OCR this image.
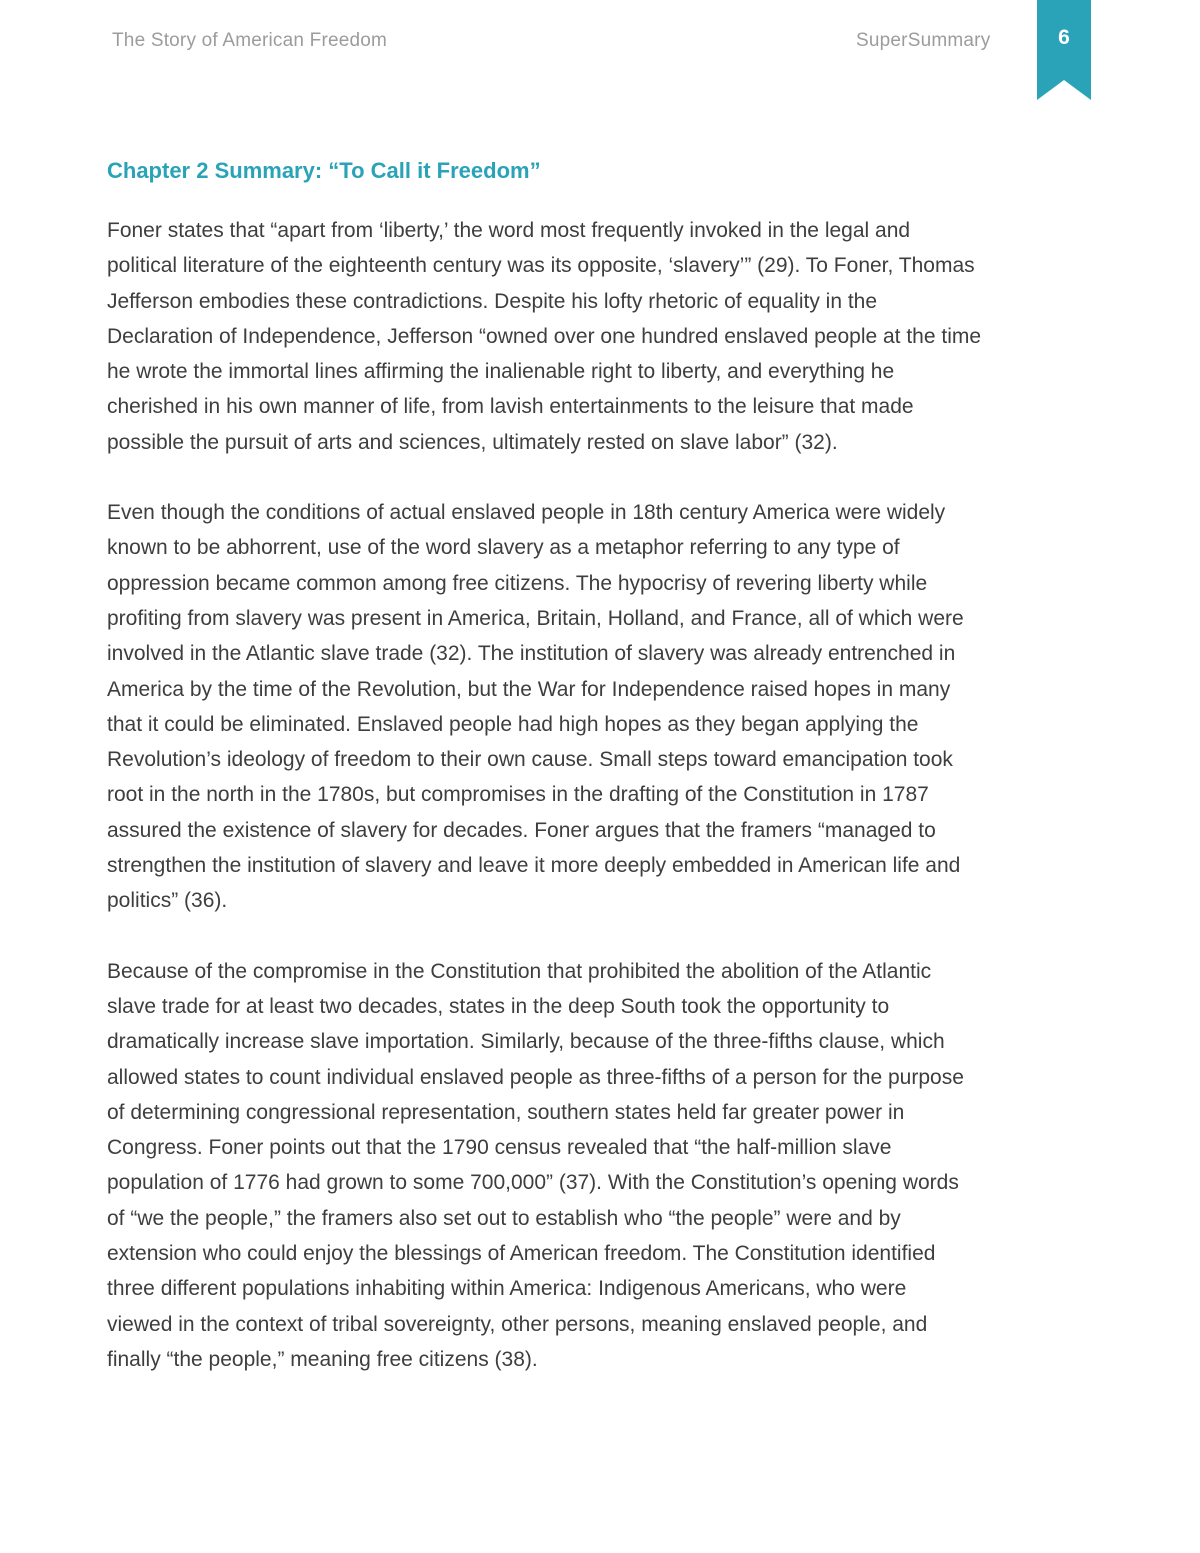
The Story of American Freedom	SuperSummary	6
Chapter 2 Summary: “To Call it Freedom”

Foner states that “apart from ‘liberty,’ the word most frequently invoked in the legal and
political literature of the eighteenth century was its opposite, ‘slavery’” (29). To Foner, Thomas
Jefferson embodies these contradictions. Despite his lofty rhetoric of equality in the
Declaration of Independence, Jefferson “owned over one hundred enslaved people at the time
he wrote the immortal lines affirming the inalienable right to liberty, and everything he
cherished in his own manner of life, from lavish entertainments to the leisure that made
possible the pursuit of arts and sciences, ultimately rested on slave labor” (32).

Even though the conditions of actual enslaved people in 18th century America were widely
known to be abhorrent, use of the word slavery as a metaphor referring to any type of
oppression became common among free citizens. The hypocrisy of revering liberty while
profiting from slavery was present in America, Britain, Holland, and France, all of which were
involved in the Atlantic slave trade (32). The institution of slavery was already entrenched in
America by the time of the Revolution, but the War for Independence raised hopes in many
that it could be eliminated. Enslaved people had high hopes as they began applying the
Revolution’s ideology of freedom to their own cause. Small steps toward emancipation took
root in the north in the 1780s, but compromises in the drafting of the Constitution in 1787
assured the existence of slavery for decades. Foner argues that the framers “managed to
strengthen the institution of slavery and leave it more deeply embedded in American life and
politics” (36).

Because of the compromise in the Constitution that prohibited the abolition of the Atlantic
slave trade for at least two decades, states in the deep South took the opportunity to
dramatically increase slave importation. Similarly, because of the three-fifths clause, which
allowed states to count individual enslaved people as three-fifths of a person for the purpose
of determining congressional representation, southern states held far greater power in
Congress. Foner points out that the 1790 census revealed that “the half-million slave
population of 1776 had grown to some 700,000” (37). With the Constitution’s opening words
of “we the people,” the framers also set out to establish who “the people” were and by
extension who could enjoy the blessings of American freedom. The Constitution identified
three different populations inhabiting within America: Indigenous Americans, who were
viewed in the context of tribal sovereignty, other persons, meaning enslaved people, and
finally “the people,” meaning free citizens (38).
